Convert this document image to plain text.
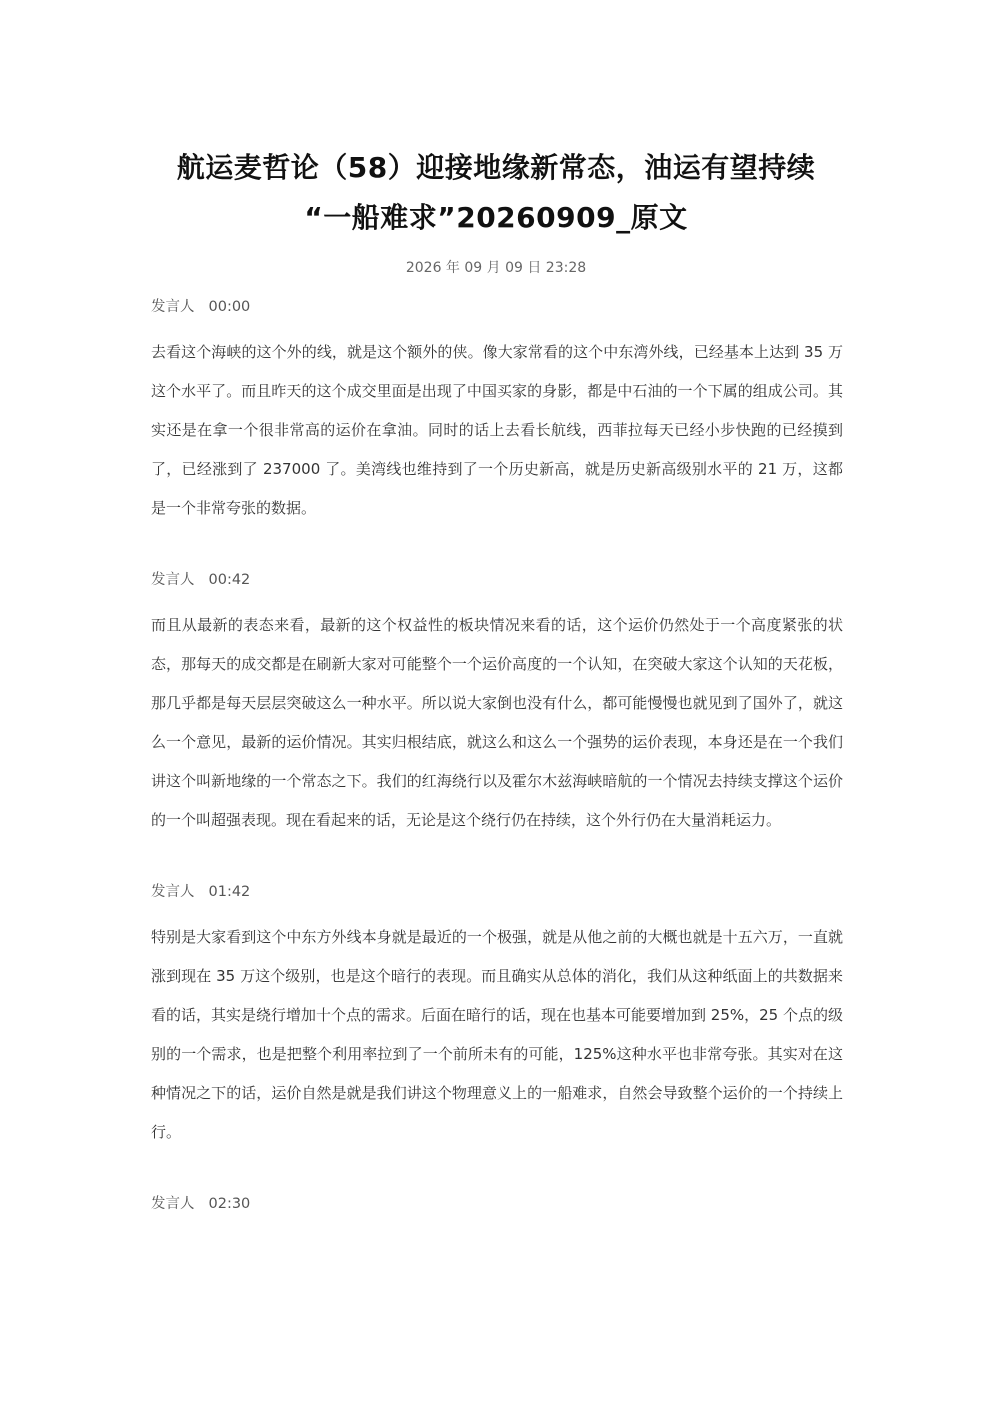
航运麦哲论（58）迎接地缘新常态，油运有望持续
“一船难求”20260909_原文
2026 年 09 月 09 日 23:28
发言人 00:00

去看这个海峡的这个外的线，就是这个额外的侠。像大家常看的这个中东湾外线，已经基本上达到 35 万这个水平了。而且昨天的这个成交里面是出现了中国买家的身影，都是中石油的一个下属的组成公司。其实还是在拿一个很非常高的运价在拿油。同时的话上去看长航线，西菲拉每天已经小步快跑的已经摸到了，已经涨到了 237000 了。美湾线也维持到了一个历史新高，就是历史新高级别水平的 21 万，这都是一个非常夸张的数据。

发言人 00:42

而且从最新的表态来看，最新的这个权益性的板块情况来看的话，这个运价仍然处于一个高度紧张的状态，那每天的成交都是在刷新大家对可能整个一个运价高度的一个认知，在突破大家这个认知的天花板，那几乎都是每天层层突破这么一种水平。所以说大家倒也没有什么，都可能慢慢也就见到了国外了，就这么一个意见，最新的运价情况。其实归根结底，就这么和这么一个强势的运价表现，本身还是在一个我们讲这个叫新地缘的一个常态之下。我们的红海绕行以及霍尔木兹海峡暗航的一个情况去持续支撑这个运价的一个叫超强表现。现在看起来的话，无论是这个绕行仍在持续，这个外行仍在大量消耗运力。

发言人 01:42

特别是大家看到这个中东方外线本身就是最近的一个极强，就是从他之前的大概也就是十五六万，一直就涨到现在 35 万这个级别，也是这个暗行的表现。而且确实从总体的消化，我们从这种纸面上的共数据来看的话，其实是绕行增加十个点的需求。后面在暗行的话，现在也基本可能要增加到 25%，25 个点的级别的一个需求，也是把整个利用率拉到了一个前所未有的可能，125%这种水平也非常夸张。其实对在这种情况之下的话，运价自然是就是我们讲这个物理意义上的一船难求，自然会导致整个运价的一个持续上行。

发言人 02:30
